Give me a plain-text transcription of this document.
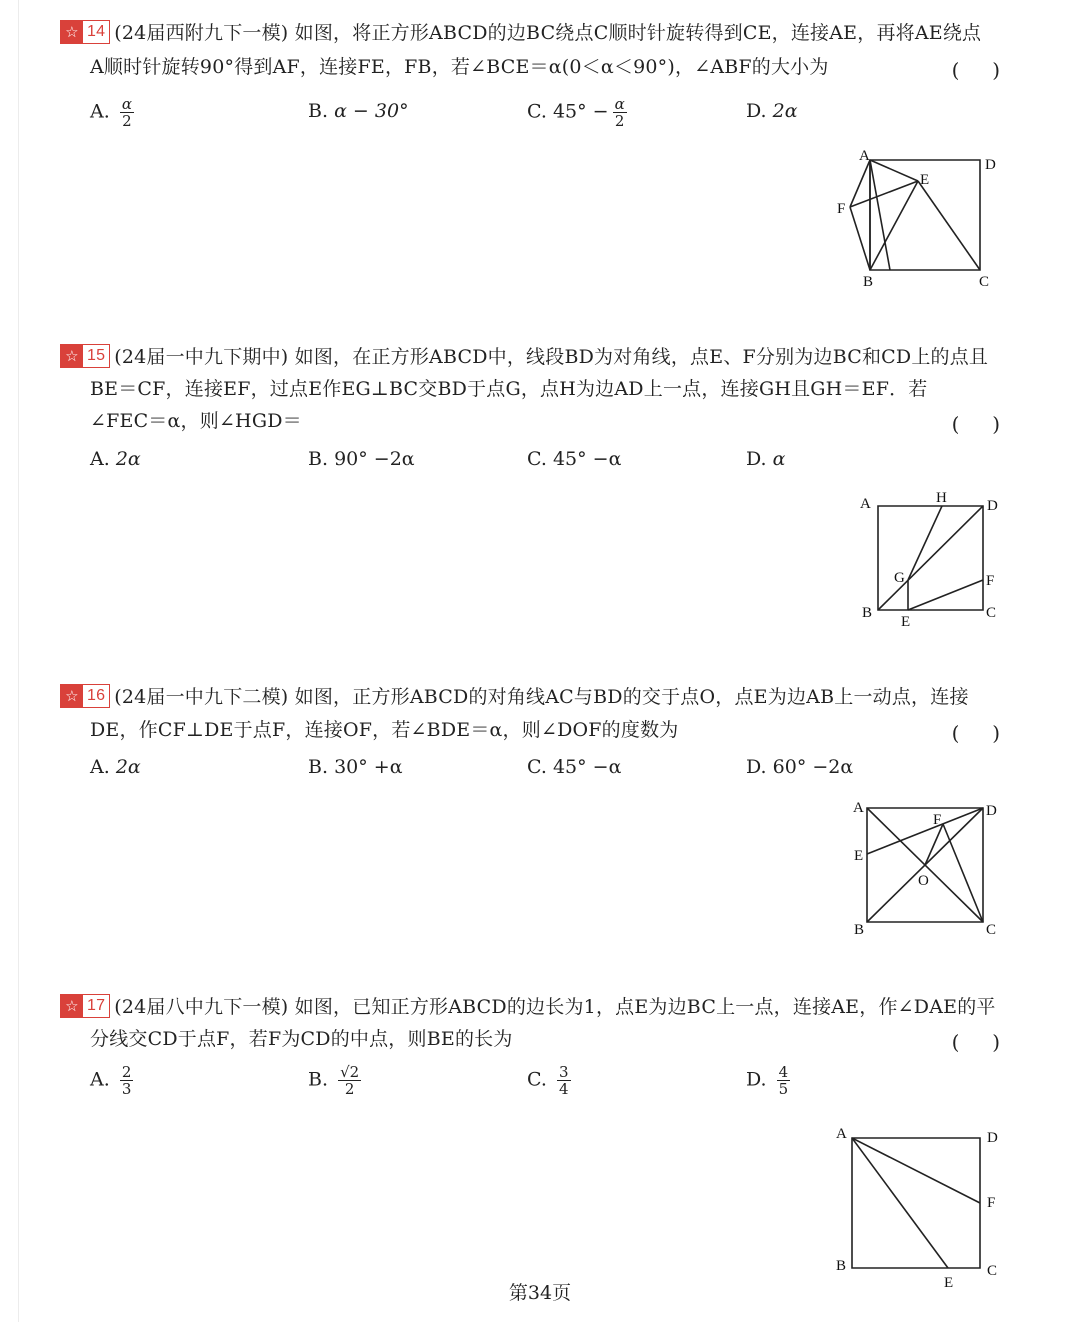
☆ 14 (24届西附九下一模) 如图，将正方形ABCD的边BC绕点C顺时针旋转得到CE，连接AE，再将AE绕点
A顺时针旋转90°得到AF，连接FE，FB，若∠BCE＝α(0＜α＜90°)，∠ABF的大小为	(　  )
A. $\frac{\alpha}{2}$	B. α − 30°	C. $45^\circ - \frac{\alpha}{2}$	D. 2α
A
D
E
F
B	C
☆ 15 (24届一中九下期中) 如图，在正方形ABCD中，线段BD为对角线，点E、F分别为边BC和CD上的点且
BE＝CF，连接EF，过点E作EG⊥BC交BD于点G，点H为边AD上一点，连接GH且GH＝EF．若
∠FEC＝α，则∠HGD＝	(　  )
A. 2α	B. 90° −2α	C. 45° −α	D. α
A	H	D
G	F
B
E
C
☆ 16 (24届一中九下二模) 如图，正方形ABCD的对角线AC与BD的交于点O，点E为边AB上一动点，连接
DE，作CF⊥DE于点F，连接OF，若∠BDE＝α，则∠DOF的度数为	(　  )
A. 2α	B. 30° +α	C. 45° −α	D. 60° −2α
A	D
F
E
O
B	C
☆ 17 (24届八中九下一模) 如图，已知正方形ABCD的边长为1，点E为边BC上一点，连接AE，作∠DAE的平
分线交CD于点F，若F为CD的中点，则BE的长为	(　  )
A. $\frac{2}{3}$	B. $\frac{√2}{2}$	C. $\frac{3}{4}$	D. $\frac{4}{5}$
A	D
F
B
E
C
第34页
